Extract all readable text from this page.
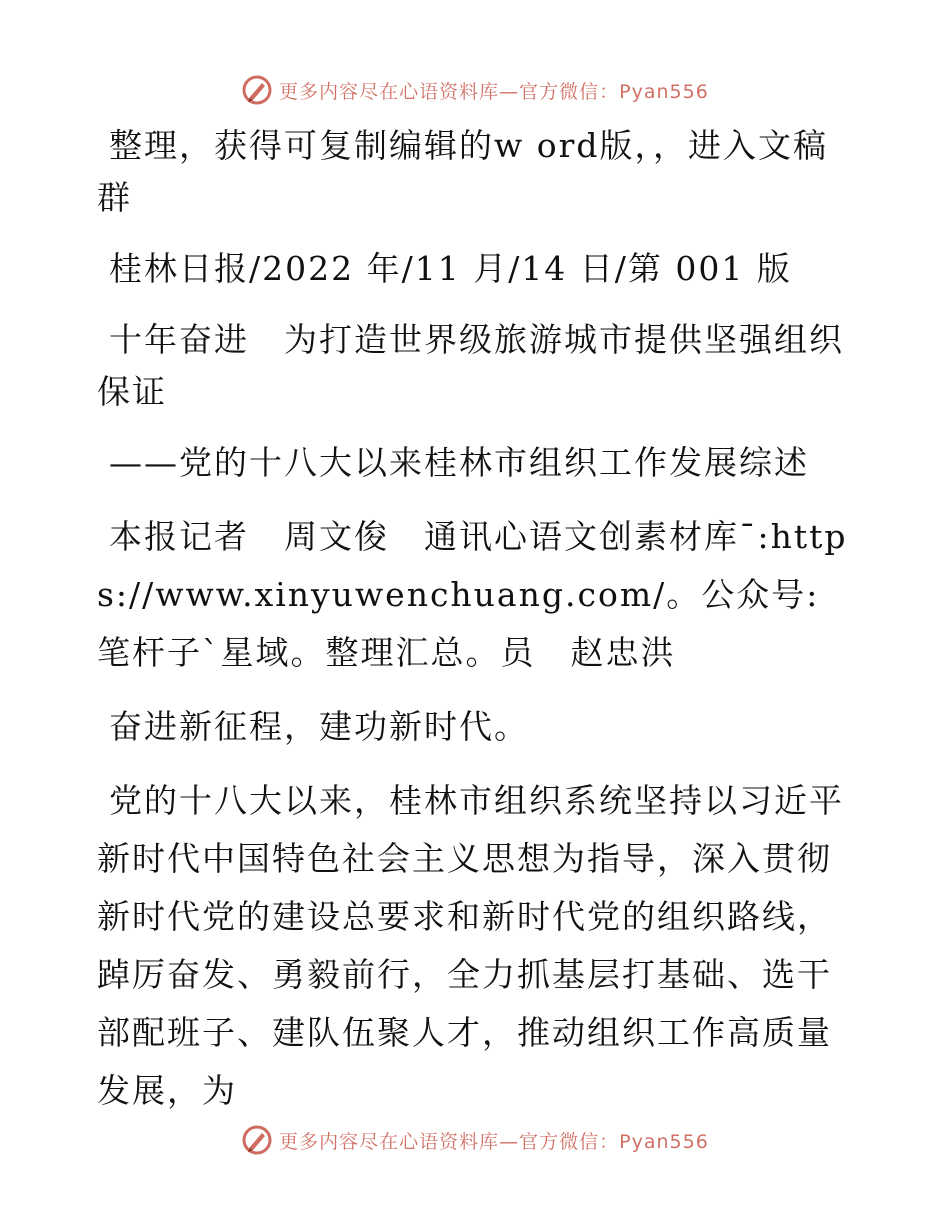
更多内容尽在心语资料库—官方微信：Pyan556

整理，获得可复制编辑的w ord版，，进入文稿群

桂林日报/2022 年/11 月/14 日/第 001 版

十年奋进　为打造世界级旅游城市提供坚强组织保证

——党的十八大以来桂林市组织工作发展综述

本报记者　周文俊　通讯心语文创素材库¯:https://www.xinyuwenchuang.com/。公众号: 笔杆子`星域。整理汇总。员　赵忠洪

奋进新征程，建功新时代。

党的十八大以来，桂林市组织系统坚持以习近平新时代中国特色社会主义思想为指导，深入贯彻新时代党的建设总要求和新时代党的组织路线，踔厉奋发、勇毅前行，全力抓基层打基础、选干部配班子、建队伍聚人才，推动组织工作高质量发展，为

更多内容尽在心语资料库—官方微信：Pyan556
